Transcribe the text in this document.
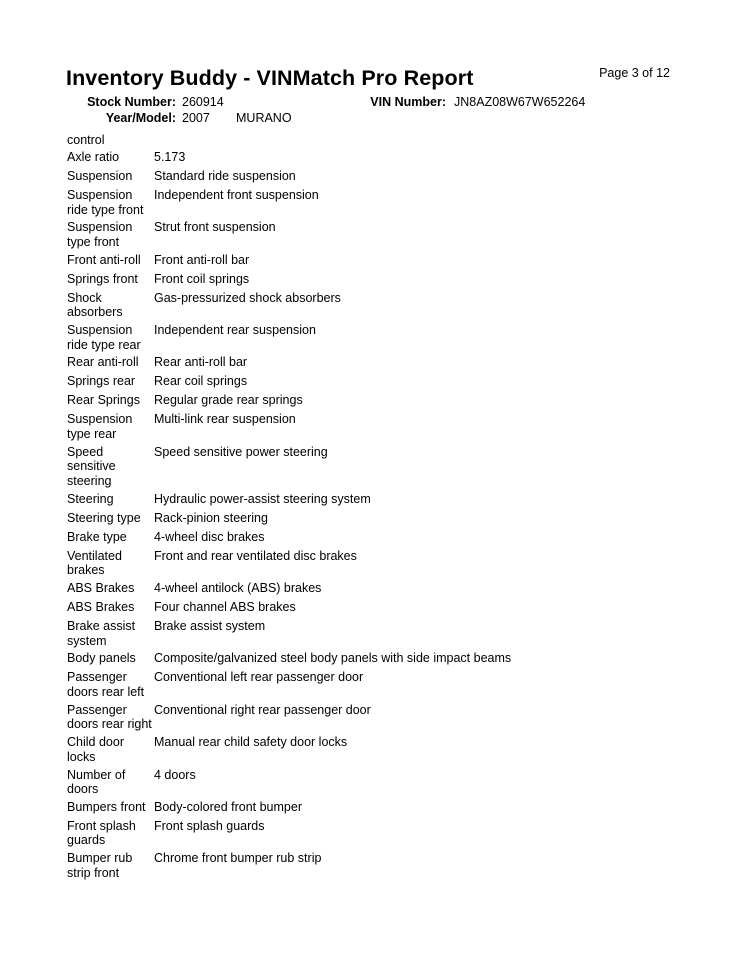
Page 3 of 12
Inventory Buddy - VINMatch Pro Report
Stock Number: 260914	VIN Number: JN8AZ08W67W652264
Year/Model: 2007 MURANO
control
Axle ratio	5.173
Suspension	Standard ride suspension
Suspension
ride type front	Independent front suspension
Suspension
type front	Strut front suspension
Front anti-roll	Front anti-roll bar
Springs front	Front coil springs
Shock
absorbers	Gas-pressurized shock absorbers
Suspension
ride type rear	Independent rear suspension
Rear anti-roll	Rear anti-roll bar
Springs rear	Rear coil springs
Rear Springs	Regular grade rear springs
Suspension
type rear	Multi-link rear suspension
Speed
sensitive
steering	Speed sensitive power steering
Steering	Hydraulic power-assist steering system
Steering type	Rack-pinion steering
Brake type	4-wheel disc brakes
Ventilated
brakes	Front and rear ventilated disc brakes
ABS Brakes	4-wheel antilock (ABS) brakes
ABS Brakes	Four channel ABS brakes
Brake assist
system	Brake assist system
Body panels	Composite/galvanized steel body panels with side impact beams
Passenger
doors rear left	Conventional left rear passenger door
Passenger
doors rear right	Conventional right rear passenger door
Child door
locks	Manual rear child safety door locks
Number of
doors	4 doors
Bumpers front	Body-colored front bumper
Front splash
guards	Front splash guards
Bumper rub
strip front	Chrome front bumper rub strip
